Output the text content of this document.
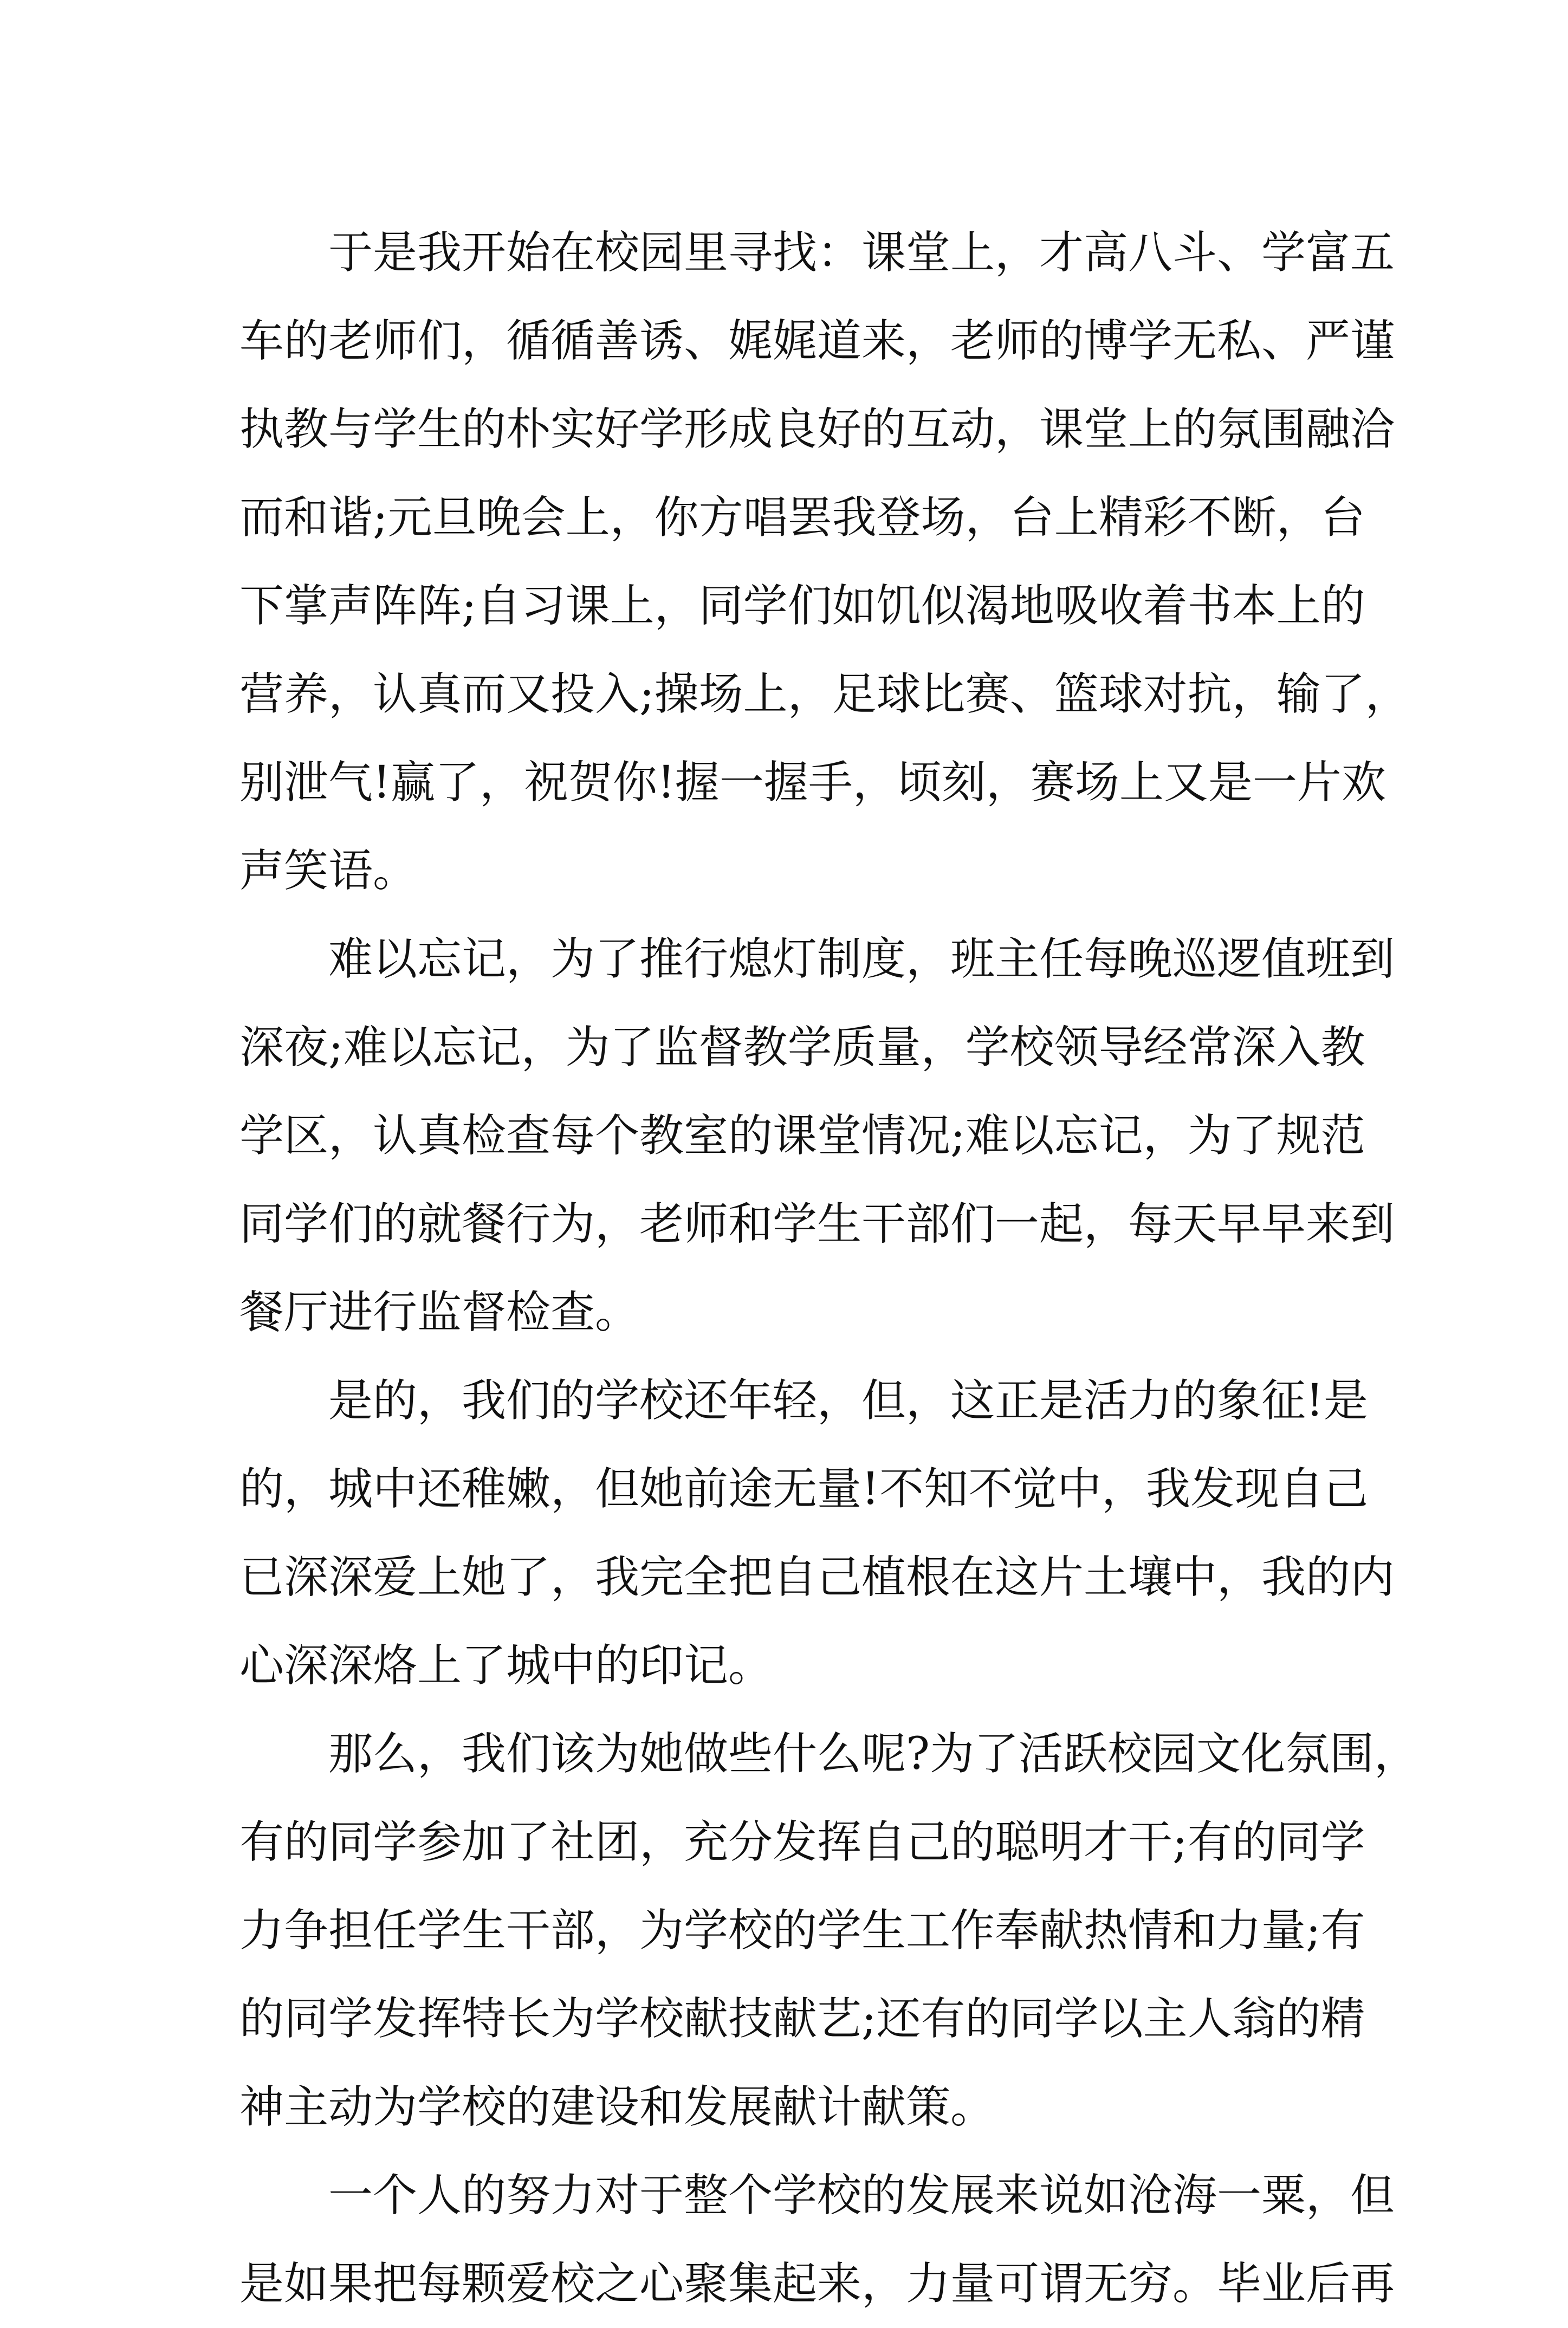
于是我开始在校园里寻找：课堂上，才高八斗、学富五
车的老师们，循循善诱、娓娓道来，老师的博学无私、严谨
执教与学生的朴实好学形成良好的互动，课堂上的氛围融洽
而和谐;元旦晚会上，你方唱罢我登场，台上精彩不断，台
下掌声阵阵;自习课上，同学们如饥似渴地吸收着书本上的
营养，认真而又投入;操场上，足球比赛、篮球对抗，输了，
别泄气!赢了，祝贺你!握一握手，顷刻，赛场上又是一片欢
声笑语。
难以忘记，为了推行熄灯制度，班主任每晚巡逻值班到
深夜;难以忘记，为了监督教学质量，学校领导经常深入教
学区，认真检查每个教室的课堂情况;难以忘记，为了规范
同学们的就餐行为，老师和学生干部们一起，每天早早来到
餐厅进行监督检查。
是的，我们的学校还年轻，但，这正是活力的象征!是
的，城中还稚嫩，但她前途无量!不知不觉中，我发现自己
已深深爱上她了，我完全把自己植根在这片土壤中，我的内
心深深烙上了城中的印记。
那么，我们该为她做些什么呢?为了活跃校园文化氛围，
有的同学参加了社团，充分发挥自己的聪明才干;有的同学
力争担任学生干部，为学校的学生工作奉献热情和力量;有
的同学发挥特长为学校献技献艺;还有的同学以主人翁的精
神主动为学校的建设和发展献计献策。
一个人的努力对于整个学校的发展来说如沧海一粟，但
是如果把每颗爱校之心聚集起来，力量可谓无穷。毕业后再
